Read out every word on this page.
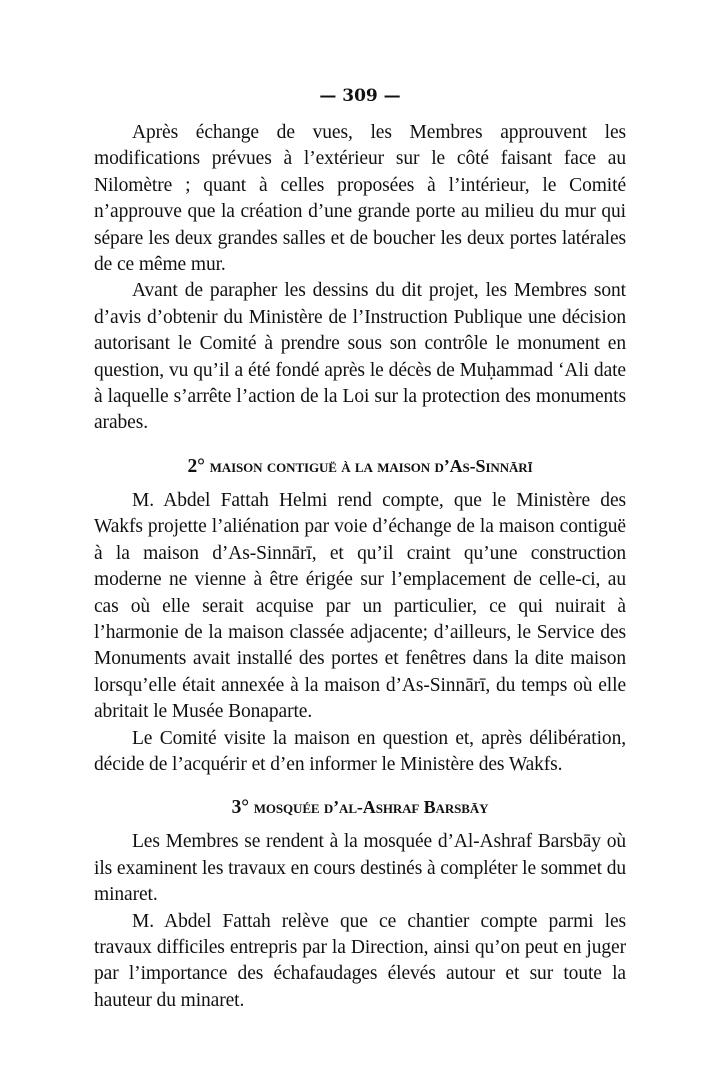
— 309 —

Après échange de vues, les Membres approuvent les modifications prévues à l’extérieur sur le côté faisant face au Nilomètre ; quant à celles proposées à l’intérieur, le Comité n’approuve que la création d’une grande porte au milieu du mur qui sépare les deux grandes salles et de boucher les deux portes latérales de ce même mur.

Avant de parapher les dessins du dit projet, les Membres sont d’avis d’obtenir du Ministère de l’Instruction Publique une décision autorisant le Comité à prendre sous son contrôle le monument en question, vu qu’il a été fondé après le décès de Muḥammad ‘Ali date à laquelle s’arrête l’action de la Loi sur la protection des monuments arabes.

2° maison contiguë à la maison d’As-Sinnārī

M. Abdel Fattah Helmi rend compte, que le Ministère des Wakfs projette l’aliénation par voie d’échange de la maison contiguë à la maison d’As-Sinnārī, et qu’il craint qu’une construction moderne ne vienne à être érigée sur l’emplacement de celle-ci, au cas où elle serait acquise par un particulier, ce qui nuirait à l’harmonie de la maison classée adjacente; d’ailleurs, le Service des Monuments avait installé des portes et fenêtres dans la dite maison lorsqu’elle était annexée à la maison d’As-Sinnārī, du temps où elle abritait le Musée Bonaparte.

Le Comité visite la maison en question et, après délibération, décide de l’acquérir et d’en informer le Ministère des Wakfs.

3° mosquée d’al-Ashraf Barsbāy

Les Membres se rendent à la mosquée d’Al-Ashraf Barsbāy où ils examinent les travaux en cours destinés à compléter le sommet du minaret.

M. Abdel Fattah relève que ce chantier compte parmi les travaux difficiles entrepris par la Direction, ainsi qu’on peut en juger par l’importance des échafaudages élevés autour et sur toute la hauteur du minaret.
